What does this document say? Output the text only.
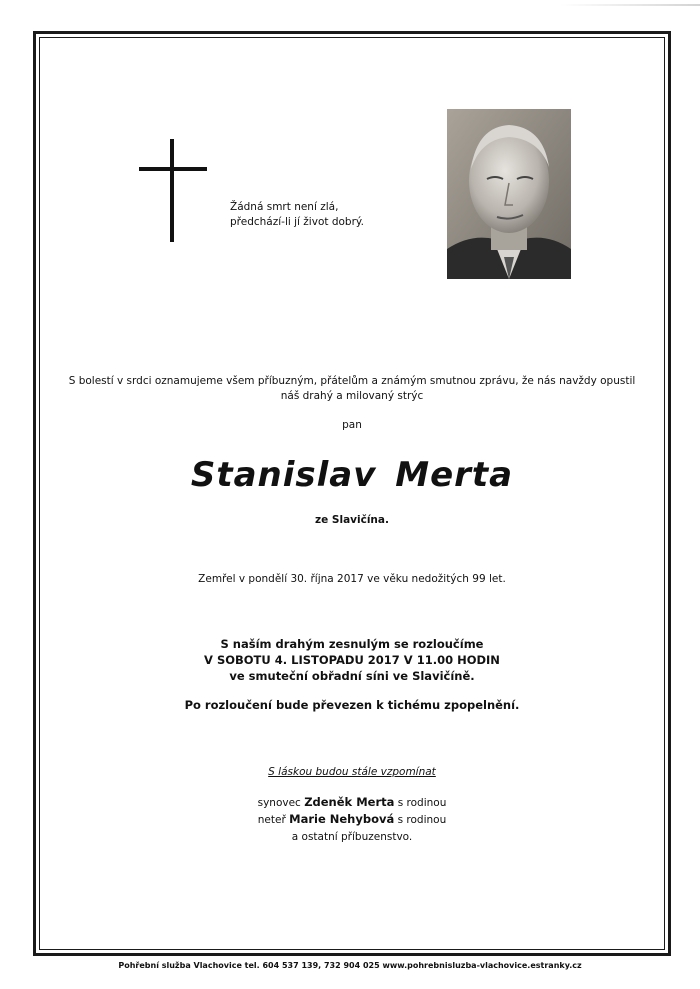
Žádná smrt není zlá,
předchází-li jí život dobrý.
S bolestí v srdci oznamujeme všem příbuzným, přátelům a známým smutnou zprávu, že nás navždy opustil
náš drahý a milovaný strýc
pan
Stanislav Merta
ze Slavičína.
Zemřel v pondělí 30. října 2017 ve věku nedožitých 99 let.
S naším drahým zesnulým se rozloučíme
V SOBOTU 4. LISTOPADU 2017 V 11.00 HODIN
ve smuteční obřadní síni ve Slavičíně.
Po rozloučení bude převezen k tichému zpopelnění.
S láskou budou stále vzpomínat
synovec Zdeněk Merta s rodinou
neteř Marie Nehybová s rodinou
a ostatní příbuzenstvo.
Pohřební služba Vlachovice tel. 604 537 139, 732 904 025 www.pohrebnisluzba-vlachovice.estranky.cz
